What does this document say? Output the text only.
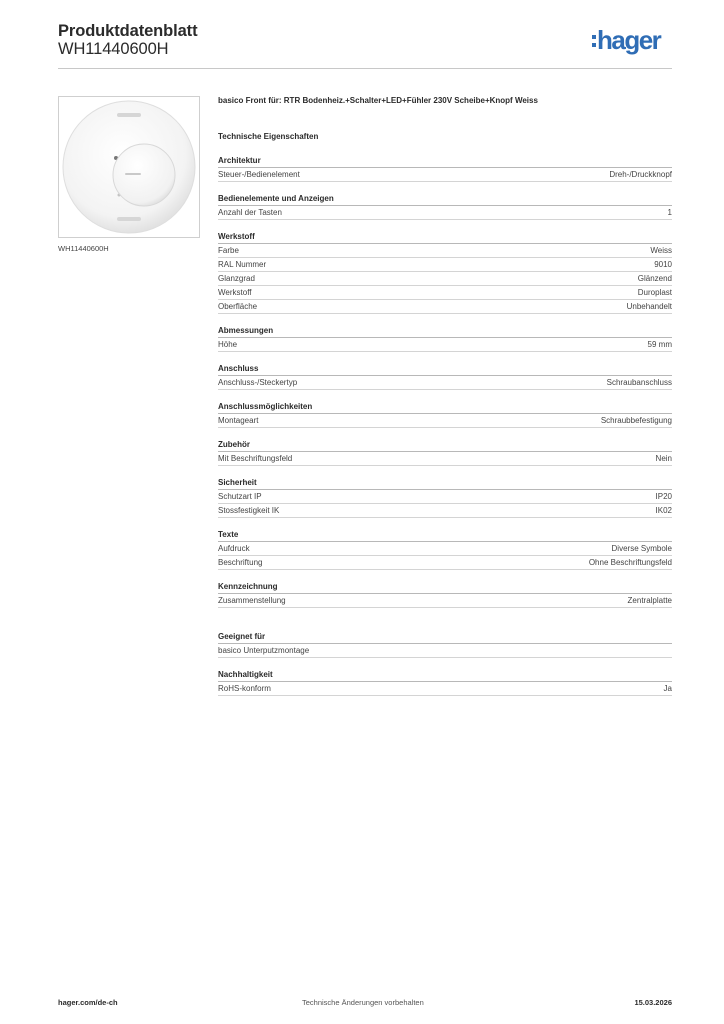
Produktdatenblatt
WH11440600H	hager
WH11440600H
basico Front für: RTR Bodenheiz.+Schalter+LED+Fühler 230V Scheibe+Knopf Weiss
Technische Eigenschaften
Architektur
Steuer-/Bedienelement	Dreh-/Druckknopf
Bedienelemente und Anzeigen
Anzahl der Tasten	1
Werkstoff
Farbe	Weiss
RAL Nummer	9010
Glanzgrad	Glänzend
Werkstoff	Duroplast
Oberfläche	Unbehandelt
Abmessungen
Höhe	59 mm
Anschluss
Anschluss-/Steckertyp	Schraubanschluss
Anschlussmöglichkeiten
Montageart	Schraubbefestigung
Zubehör
Mit Beschriftungsfeld	Nein
Sicherheit
Schutzart IP	IP20
Stossfestigkeit IK	IK02
Texte
Aufdruck	Diverse Symbole
Beschriftung	Ohne Beschriftungsfeld
Kennzeichnung
Zusammenstellung	Zentralplatte
Geeignet für
basico Unterputzmontage
Nachhaltigkeit
RoHS-konform	Ja
hager.com/de-ch	Technische Änderungen vorbehalten	15.03.2026
